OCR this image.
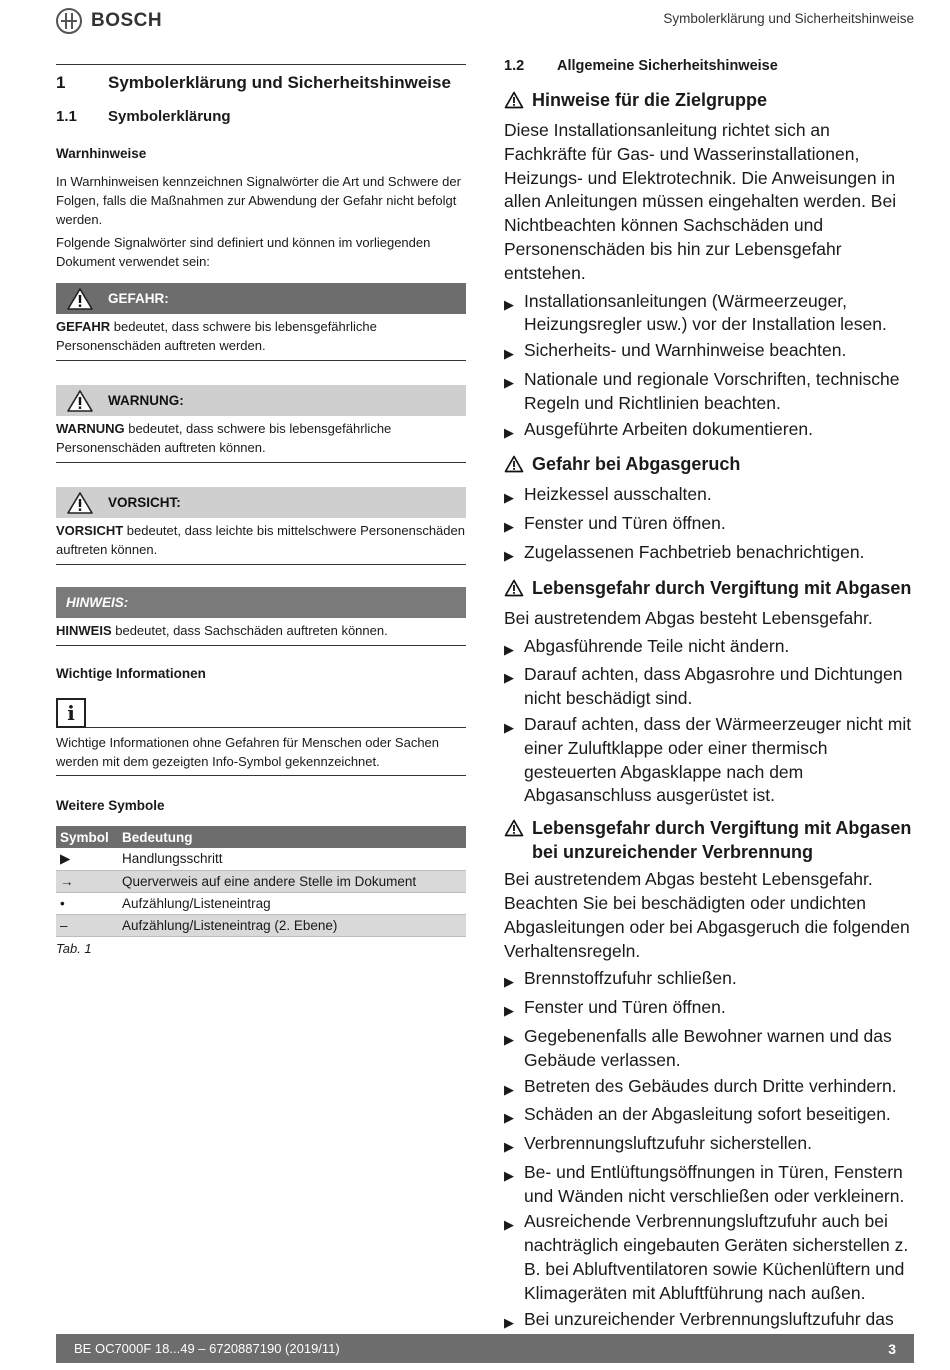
BOSCH	Symbolerklärung und Sicherheitshinweise
1	Symbolerklärung und Sicherheitshinweise
1.1	Symbolerklärung
Warnhinweise

In Warnhinweisen kennzeichnen Signalwörter die Art und Schwere der Folgen, falls die Maßnahmen zur Abwendung der Gefahr nicht befolgt werden.

Folgende Signalwörter sind definiert und können im vorliegenden Dokument verwendet sein:

GEFAHR:
GEFAHR bedeutet, dass schwere bis lebensgefährliche Personenschäden auftreten werden.
WARNUNG:
WARNUNG bedeutet, dass schwere bis lebensgefährliche Personenschäden auftreten können.
VORSICHT:
VORSICHT bedeutet, dass leichte bis mittelschwere Personenschäden auftreten können.
HINWEIS:
HINWEIS bedeutet, dass Sachschäden auftreten können.
Wichtige Informationen
i
Wichtige Informationen ohne Gefahren für Menschen oder Sachen werden mit dem gezeigten Info-Symbol gekennzeichnet.
Weitere Symbole
Symbol	Bedeutung
▶	Handlungsschritt
→	Querverweis auf eine andere Stelle im Dokument
•	Aufzählung/Listeneintrag
–	Aufzählung/Listeneintrag (2. Ebene)
Tab. 1
1.2	Allgemeine Sicherheitshinweise
Hinweise für die Zielgruppe

Diese Installationsanleitung richtet sich an Fachkräfte für Gas- und Wasserinstallationen, Heizungs- und Elektrotechnik. Die Anweisungen in allen Anleitungen müssen eingehalten werden. Bei Nichtbeachten können Sachschäden und Personenschäden bis hin zur Lebensgefahr entstehen.

▶ Installationsanleitungen (Wärmeerzeuger, Heizungsregler usw.) vor der Installation lesen.
▶ Sicherheits- und Warnhinweise beachten.
▶ Nationale und regionale Vorschriften, technische Regeln und Richtlinien beachten.
▶ Ausgeführte Arbeiten dokumentieren.
Gefahr bei Abgasgeruch
▶ Heizkessel ausschalten.
▶ Fenster und Türen öffnen.
▶ Zugelassenen Fachbetrieb benachrichtigen.
Lebensgefahr durch Vergiftung mit Abgasen

Bei austretendem Abgas besteht Lebensgefahr.

▶ Abgasführende Teile nicht ändern.
▶ Darauf achten, dass Abgasrohre und Dichtungen nicht beschädigt sind.
▶ Darauf achten, dass der Wärmeerzeuger nicht mit einer Zuluftklappe oder einer thermisch gesteuerten Abgasklappe nach dem Abgasanschluss ausgerüstet ist.
Lebensgefahr durch Vergiftung mit Abgasen bei unzureichender Verbrennung

Bei austretendem Abgas besteht Lebensgefahr. Beachten Sie bei beschädigten oder undichten Abgasleitungen oder bei Abgasgeruch die folgenden Verhaltensregeln.

▶ Brennstoffzufuhr schließen.
▶ Fenster und Türen öffnen.
▶ Gegebenenfalls alle Bewohner warnen und das Gebäude verlassen.
▶ Betreten des Gebäudes durch Dritte verhindern.
▶ Schäden an der Abgasleitung sofort beseitigen.
▶ Verbrennungsluftzufuhr sicherstellen.
▶ Be- und Entlüftungsöffnungen in Türen, Fenstern und Wänden nicht verschließen oder verkleinern.
▶ Ausreichende Verbrennungsluftzufuhr auch bei nachträglich eingebauten Geräten sicherstellen z. B. bei Abluftventilatoren sowie Küchenlüftern und Klimageräten mit Abluftführung nach außen.
▶ Bei unzureichender Verbrennungsluftzufuhr das
BE OC7000F 18...49 – 6720887190 (2019/11)	3
